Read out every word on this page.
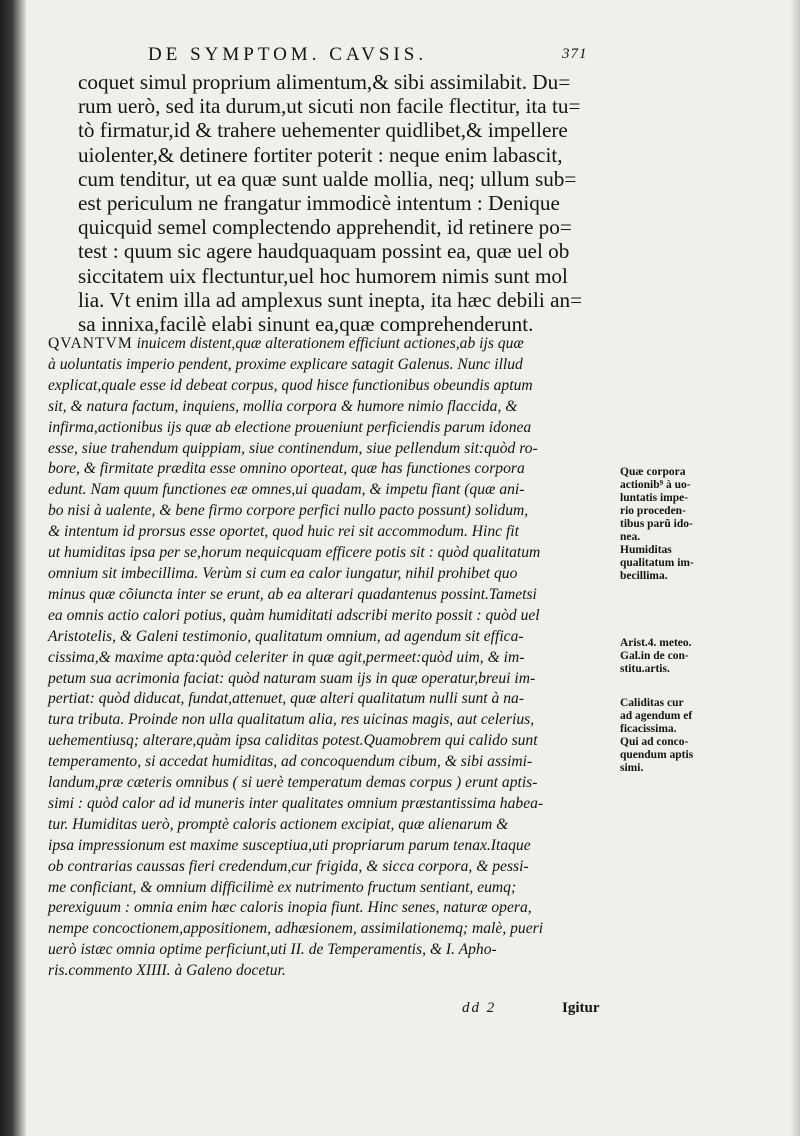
DE SYMPTOM. CAVSIS.	371
coquet simul proprium alimentum,& sibi assimilabit. Du=
rum uerò, sed ita durum,ut sicuti non facile flectitur, ita tu=
tò firmatur,id & trahere uehementer quidlibet,& impellere
uiolenter,& detinere fortiter poterit : neque enim labascit,
cum tenditur, ut ea quæ sunt ualde mollia, neq; ullum sub=
est periculum ne frangatur immodicè intentum : Denique
quicquid semel complectendo apprehendit, id retinere po=
test : quum sic agere haudquaquam possint ea, quæ uel ob
siccitatem uix flectuntur,uel hoc humorem nimis sunt mol
lia. Vt enim illa ad amplexus sunt inepta, ita hæc debili an=
sa innixa,facilè elabi sinunt ea,quæ comprehenderunt.
QVANTVM inuicem distent,quæ alterationem efficiunt actiones,ab ijs quæ
à uoluntatis imperio pendent, proxime explicare satagit Galenus. Nunc illud
explicat,quale esse id debeat corpus, quod hisce functionibus obeundis aptum
sit, & natura factum, inquiens, mollia corpora & humore nimio flaccida, &
infirma,actionibus ijs quæ ab electione proueniunt perficiendis parum idonea
esse, siue trahendum quippiam, siue continendum, siue pellendum sit:quòd ro-
bore, & firmitate prædita esse omnino oporteat, quæ has functiones corpora
edunt. Nam quum functiones eæ omnes,ui quadam, & impetu fiant (quæ ani-
bo nisi à ualente, & bene firmo corpore perfici nullo pacto possunt) solidum,
& intentum id prorsus esse oportet, quod huic rei sit accommodum. Hinc fit
ut humiditas ipsa per se,horum nequicquam efficere potis sit : quòd qualitatum
omnium sit imbecillima. Verùm si cum ea calor iungatur, nihil prohibet quo
minus quæ cõiuncta inter se erunt, ab ea alterari quadantenus possint.Tametsi
ea omnis actio calori potius, quàm humiditati adscribi merito possit : quòd uel
Aristotelis, & Galeni testimonio, qualitatum omnium, ad agendum sit effica-
cissima,& maxime apta:quòd celeriter in quæ agit,permeet:quòd uim, & im-
petum sua acrimonia faciat: quòd naturam suam ijs in quæ operatur,breui im-
pertiat: quòd diducat, fundat,attenuet, quæ alteri qualitatum nulli sunt à na-
tura tributa. Proinde non ulla qualitatum alia, res uicinas magis, aut celerius,
uehementiusq; alterare,quàm ipsa caliditas potest.Quamobrem qui calido sunt
temperamento, si accedat humiditas, ad concoquendum cibum, & sibi assimi-
landum,præ cæteris omnibus ( si uerè temperatum demas corpus ) erunt aptis-
simi : quòd calor ad id muneris inter qualitates omnium præstantissima habea-
tur. Humiditas uerò, promptè caloris actionem excipiat, quæ alienarum &
ipsa impressionum est maxime susceptiua,uti propriarum parum tenax.Itaque
ob contrarias caussas fieri credendum,cur frigida, & sicca corpora, & pessi-
me conficiant, & omnium difficilimè ex nutrimento fructum sentiant, eumq;
perexiguum : omnia enim hæc caloris inopia fiunt. Hinc senes, naturæ opera,
nempe concoctionem,appositionem, adhæsionem, assimilationemq; malè, pueri
uerò istæc omnia optime perficiunt,uti II. de Temperamentis, & I. Apho-
ris.commento XIIII. à Galeno docetur.
Quæ corpora
actionib⁹ à uo-
luntatis impe-
rio proceden-
tibus parũ ido-
nea.
Humiditas
qualitatum im-
becillima.
Arist.4. meteo.
Gal.in de con-
stitu.artis.
Caliditas cur
ad agendum ef
ficacissima.
Qui ad conco-
quendum aptis
simi.
dd 2	Igitur
